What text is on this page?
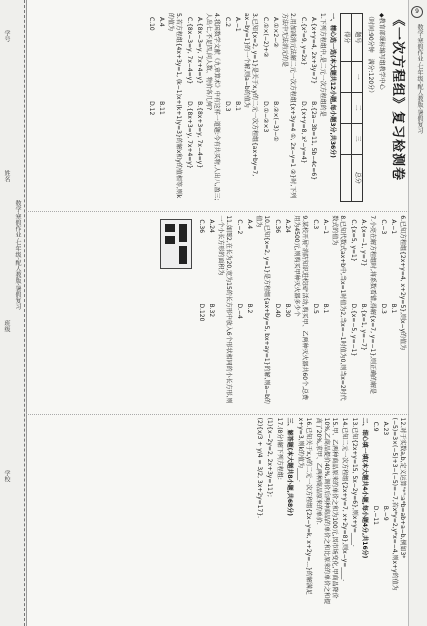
学号
姓名
班级
学校
数学·寒假作业·七年级·配人教版·暑假复习
9
数学·寒假作业·七年级·配人教版·暑假复习
《一次方程组》复习检测卷
◆教育部课标编写组教学中心
（时间:90分钟　满分:120分）
题号	一	二	三	总分
得分				
一、精心选一选(本大题共12小题,每小题3分,共36分)
1.下列方程组中,是二元一次方程组的是
A.{x+y=4, 2x+3y=7}
B.{2a−3b=11, 5b−4c=6}
C.{x²=9, y=2x}
D.{x+y=8, x²−y=4}
2.用加减消元法解二元一次方程组{x+3y=4 ①, 2x−y=1 ②}时,下列方法中无法消元的是
A.①×2−②
B.②×(−3)−①
C.①×(−2)+②
D.①−②×3
3.已知{x=2, y=1}是关于x,y的二元一次方程组{ax+by=7, ax−by=1}的一个解,则a−b的值为
A.−1
B.1
C.2
D.3
4.我国数学文献《九章算术》中有这样一道题:今有共买物,人出八,盈三;人出七,不足四,问人数、物价各几何?
A.{8x−3=y, 7x+4=y}
B.{8x+3=y, 7x−4=y}
C.{8x−3=y, 7x−4=y}
D.{8x+3=y, 7x+4=y}
5.若方程组{4x+3y=1, (k−1)x+(k+1)y=3}的解x和y的值相等,则k的值为
A.4
B.11
C.10
D.12
6.已知方程组{2x+y=4, x+2y=5},则x−y的值为
A.−1
B.1
C.−3
D.3
7.小亮在解方程组时,将系数看错,得解{x=7, y=−1},则正确的解是
A.{x=−1, y=7}
B.{x=1, y=−7}
C.{x=5, y=1}
D.{x=−5, y=−1}
8.已知代数式ax+b中,当x=1时值为2,当x=−1时值为0,则当x=2时代数式的值为
A.−1
B.1
C.3
D.5
9.某校开展"消防知识进校园"活动,购买甲、乙两种灭火器共60个,总费用为4500元,则购买甲种灭火器多少个
A.24
B.30
C.36
D.40
10.已知{x=2, y=1}是方程组{ax+by=5, bx+ay=1}的解,则a−b的值为
A.4
B.2
C.−2
D.−4
11.如图2,在长为20,宽为15的长方形中放入6个形状相同的小长方形,则一个小长方形的面积为
A.24
B.32
C.36
D.120
12.对于实数a,b,定义运算"*":a*b=ab+a−b,例如3*(−5)=3×(−5)+3−(−5)=−7,若x*y=2,y*x=−4,则x+y的值为
A.23
B.−9
C.9
D.−11
二、细心填一填(本大题共4小题,每小题4分,共16分)
13.已知{2x+y=15, 5x−2y=6},则x+y=____.
14.已知二元一次方程组{2x+y=7, x+2y=8},则x−y=____.
15.甲、乙两种商品原来的单价之和为100元,因市场变化,甲商品降价10%,乙商品提价40%,调价后两种商品的单价之和比原来的单价之和提高了20%,求甲、乙两种商品原来的单价.
16.已知关于x,y的二元一次方程组{2x−y=k, x+2y=...}的解满足x+y=3,则k的值为____.
三、解答题(本大题共8小题,共68分)
17.(8分)解下列方程组:
(1){x−2y=2, 2x+3y=11};
(2){x/3 + y/4 = 3/2, 3x+2y=17}.
